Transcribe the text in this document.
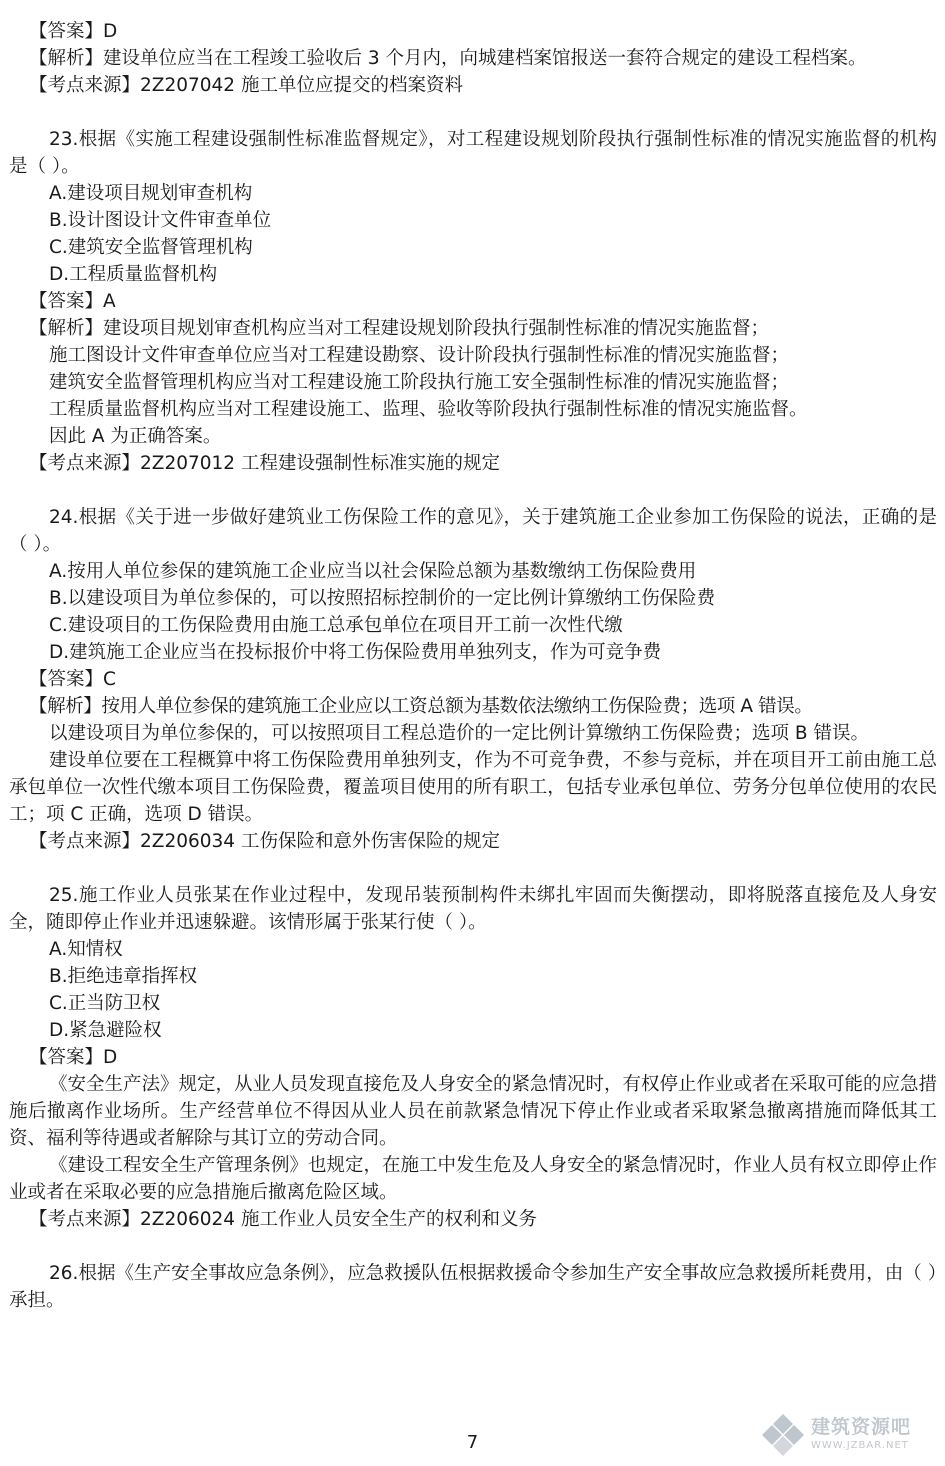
【答案】D
【解析】建设单位应当在工程竣工验收后 3 个月内，向城建档案馆报送一套符合规定的建设工程档案。
【考点来源】2Z207042 施工单位应提交的档案资料
23.根据《实施工程建设强制性标准监督规定》，对工程建设规划阶段执行强制性标准的情况实施监督的机构是（ ）。
A.建设项目规划审查机构
B.设计图设计文件审查单位
C.建筑安全监督管理机构
D.工程质量监督机构
【答案】A
【解析】建设项目规划审查机构应当对工程建设规划阶段执行强制性标准的情况实施监督；
施工图设计文件审查单位应当对工程建设勘察、设计阶段执行强制性标准的情况实施监督；
建筑安全监督管理机构应当对工程建设施工阶段执行施工安全强制性标准的情况实施监督；
工程质量监督机构应当对工程建设施工、监理、验收等阶段执行强制性标准的情况实施监督。
因此 A 为正确答案。
【考点来源】2Z207012 工程建设强制性标准实施的规定
24.根据《关于进一步做好建筑业工伤保险工作的意见》，关于建筑施工企业参加工伤保险的说法，正确的是（ ）。
A.按用人单位参保的建筑施工企业应当以社会保险总额为基数缴纳工伤保险费用
B.以建设项目为单位参保的，可以按照招标控制价的一定比例计算缴纳工伤保险费
C.建设项目的工伤保险费用由施工总承包单位在项目开工前一次性代缴
D.建筑施工企业应当在投标报价中将工伤保险费用单独列支，作为可竞争费
【答案】C
【解析】按用人单位参保的建筑施工企业应以工资总额为基数依法缴纳工伤保险费；选项 A 错误。
以建设项目为单位参保的，可以按照项目工程总造价的一定比例计算缴纳工伤保险费；选项 B 错误。
建设单位要在工程概算中将工伤保险费用单独列支，作为不可竞争费，不参与竞标，并在项目开工前由施工总承包单位一次性代缴本项目工伤保险费，覆盖项目使用的所有职工，包括专业承包单位、劳务分包单位使用的农民工；项 C 正确，选项 D 错误。
【考点来源】2Z206034 工伤保险和意外伤害保险的规定
25.施工作业人员张某在作业过程中，发现吊装预制构件未绑扎牢固而失衡摆动，即将脱落直接危及人身安全，随即停止作业并迅速躲避。该情形属于张某行使（ ）。
A.知情权
B.拒绝违章指挥权
C.正当防卫权
D.紧急避险权
【答案】D
《安全生产法》规定，从业人员发现直接危及人身安全的紧急情况时，有权停止作业或者在采取可能的应急措施后撤离作业场所。生产经营单位不得因从业人员在前款紧急情况下停止作业或者采取紧急撤离措施而降低其工资、福利等待遇或者解除与其订立的劳动合同。
《建设工程安全生产管理条例》也规定，在施工中发生危及人身安全的紧急情况时，作业人员有权立即停止作业或者在采取必要的应急措施后撤离危险区域。
【考点来源】2Z206024 施工作业人员安全生产的权利和义务
26.根据《生产安全事故应急条例》，应急救援队伍根据救援命令参加生产安全事故应急救援所耗费用，由（ ）承担。
7
建筑资源吧
WWW.JZBAR.NET
